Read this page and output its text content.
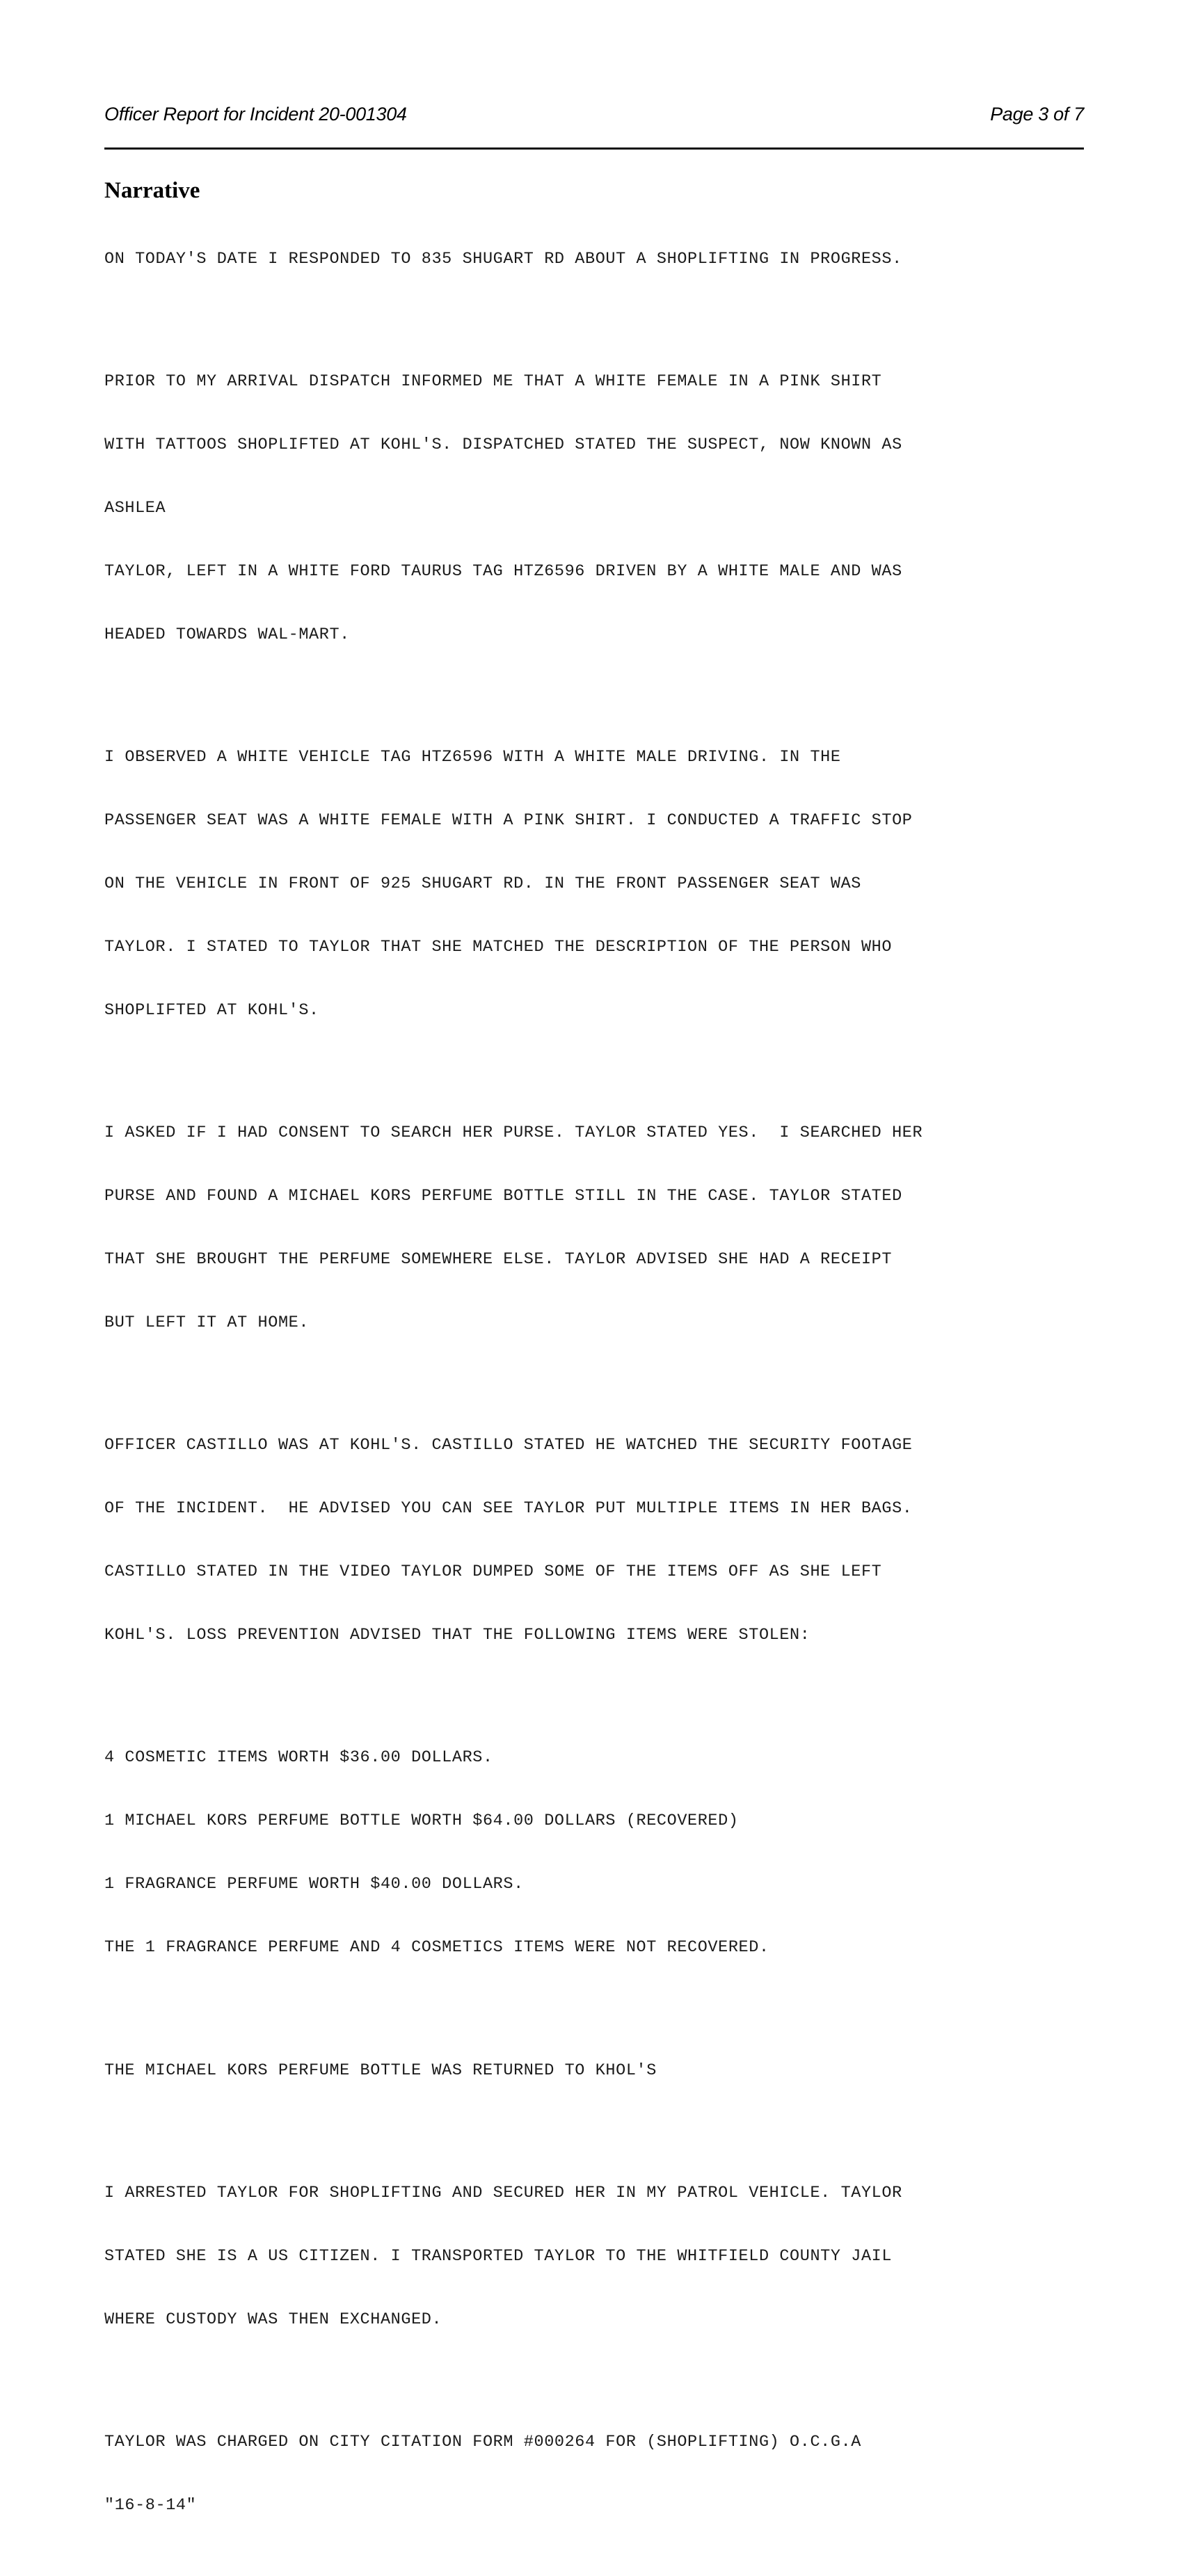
Officer Report for Incident 20-001304	Page 3 of 7
Narrative

ON TODAY'S DATE I RESPONDED TO 835 SHUGART RD ABOUT A SHOPLIFTING IN PROGRESS.

PRIOR TO MY ARRIVAL DISPATCH INFORMED ME THAT A WHITE FEMALE IN A PINK SHIRT

WITH TATTOOS SHOPLIFTED AT KOHL'S. DISPATCHED STATED THE SUSPECT, NOW KNOWN AS

ASHLEA

TAYLOR, LEFT IN A WHITE FORD TAURUS TAG HTZ6596 DRIVEN BY A WHITE MALE AND WAS

HEADED TOWARDS WAL-MART.

I OBSERVED A WHITE VEHICLE TAG HTZ6596 WITH A WHITE MALE DRIVING. IN THE

PASSENGER SEAT WAS A WHITE FEMALE WITH A PINK SHIRT. I CONDUCTED A TRAFFIC STOP

ON THE VEHICLE IN FRONT OF 925 SHUGART RD. IN THE FRONT PASSENGER SEAT WAS

TAYLOR. I STATED TO TAYLOR THAT SHE MATCHED THE DESCRIPTION OF THE PERSON WHO

SHOPLIFTED AT KOHL'S.

I ASKED IF I HAD CONSENT TO SEARCH HER PURSE. TAYLOR STATED YES.  I SEARCHED HER

PURSE AND FOUND A MICHAEL KORS PERFUME BOTTLE STILL IN THE CASE. TAYLOR STATED

THAT SHE BROUGHT THE PERFUME SOMEWHERE ELSE. TAYLOR ADVISED SHE HAD A RECEIPT

BUT LEFT IT AT HOME.

OFFICER CASTILLO WAS AT KOHL'S. CASTILLO STATED HE WATCHED THE SECURITY FOOTAGE

OF THE INCIDENT.  HE ADVISED YOU CAN SEE TAYLOR PUT MULTIPLE ITEMS IN HER BAGS.

CASTILLO STATED IN THE VIDEO TAYLOR DUMPED SOME OF THE ITEMS OFF AS SHE LEFT

KOHL'S. LOSS PREVENTION ADVISED THAT THE FOLLOWING ITEMS WERE STOLEN:

4 COSMETIC ITEMS WORTH $36.00 DOLLARS.

1 MICHAEL KORS PERFUME BOTTLE WORTH $64.00 DOLLARS (RECOVERED)

1 FRAGRANCE PERFUME WORTH $40.00 DOLLARS.

THE 1 FRAGRANCE PERFUME AND 4 COSMETICS ITEMS WERE NOT RECOVERED.

THE MICHAEL KORS PERFUME BOTTLE WAS RETURNED TO KHOL'S

I ARRESTED TAYLOR FOR SHOPLIFTING AND SECURED HER IN MY PATROL VEHICLE. TAYLOR

STATED SHE IS A US CITIZEN. I TRANSPORTED TAYLOR TO THE WHITFIELD COUNTY JAIL

WHERE CUSTODY WAS THEN EXCHANGED.

TAYLOR WAS CHARGED ON CITY CITATION FORM #000264 FOR (SHOPLIFTING) O.C.G.A

"16-8-14"
